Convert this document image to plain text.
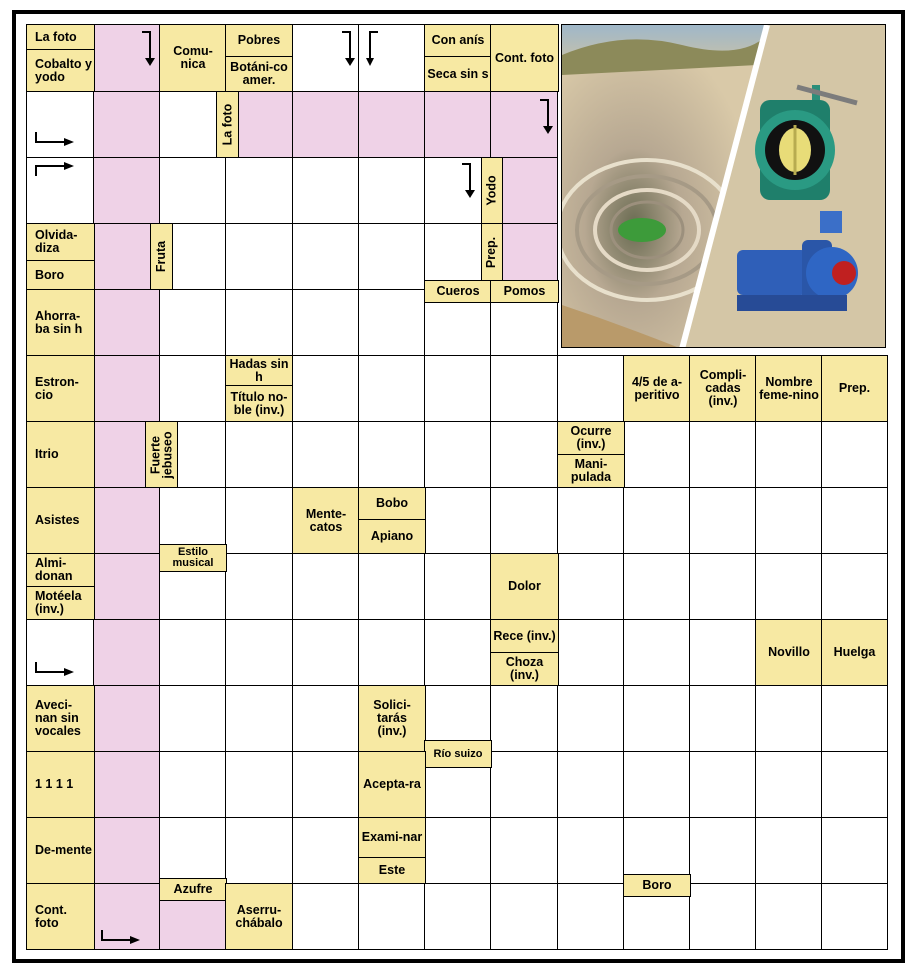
La foto
Cobalto y yodo
Comu-nica
Pobres
Botáni-co amer.
Con anís
Seca sin s
Cont. foto
La foto
Yodo
Olvida-diza
Boro
Fruta	Prep.
Cueros Pomos
Ahorra-ba sin h
Estron-cio
Hadas sin h
Título no-ble (inv.)
4/5 de a-peritivo
Compli-cadas (inv.)
Nombre feme-nino Prep.
Itrio	Fuerte jebuseo	Ocurre (inv.)
Mani-pulada
Asistes	Mente-catos
Bobo
Apiano
Estilo musical
Almi-donan
Motéela (inv.)
Dolor
Rece (inv.)
Choza (inv.)
Novillo Huelga
Aveci-nan sin vocales
Solici-tarás (inv.)
Río suizo
1 1 1 1	Acepta-ra
De-mente
Exami-nar
Este
Boro
Azufre
Cont. foto
Aserru-chábalo
